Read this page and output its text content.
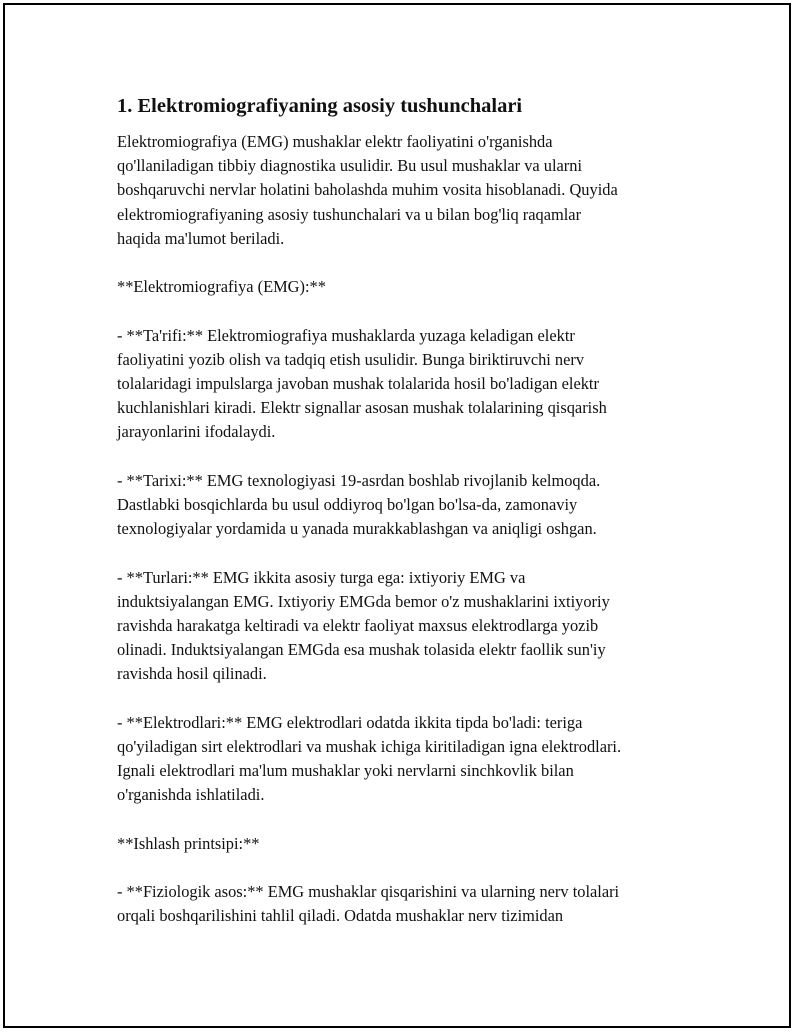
1. Elektromiografiyaning asosiy tushunchalari
Elektromiografiya (EMG) mushaklar elektr faoliyatini o'rganishda
qo'llaniladigan tibbiy diagnostika usulidir. Bu usul mushaklar va ularni
boshqaruvchi nervlar holatini baholashda muhim vosita hisoblanadi. Quyida
elektromiografiyaning asosiy tushunchalari va u bilan bog'liq raqamlar
haqida ma'lumot beriladi.
**Elektromiografiya (EMG):**
- **Ta'rifi:** Elektromiografiya mushaklarda yuzaga keladigan elektr
faoliyatini yozib olish va tadqiq etish usulidir. Bunga biriktiruvchi nerv
tolalaridagi impulslarga javoban mushak tolalarida hosil bo'ladigan elektr
kuchlanishlari kiradi. Elektr signallar asosan mushak tolalarining qisqarish
jarayonlarini ifodalaydi.
- **Tarixi:** EMG texnologiyasi 19-asrdan boshlab rivojlanib kelmoqda.
Dastlabki bosqichlarda bu usul oddiyroq bo'lgan bo'lsa-da, zamonaviy
texnologiyalar yordamida u yanada murakkablashgan va aniqligi oshgan.
- **Turlari:** EMG ikkita asosiy turga ega: ixtiyoriy EMG va
induktsiyalangan EMG. Ixtiyoriy EMGda bemor o'z mushaklarini ixtiyoriy
ravishda harakatga keltiradi va elektr faoliyat maxsus elektrodlarga yozib
olinadi. Induktsiyalangan EMGda esa mushak tolasida elektr faollik sun'iy
ravishda hosil qilinadi.
- **Elektrodlari:** EMG elektrodlari odatda ikkita tipda bo'ladi: teriga
qo'yiladigan sirt elektrodlari va mushak ichiga kiritiladigan igna elektrodlari.
Ignali elektrodlari ma'lum mushaklar yoki nervlarni sinchkovlik bilan
o'rganishda ishlatiladi.
**Ishlash printsipi:**
- **Fiziologik asos:** EMG mushaklar qisqarishini va ularning nerv tolalari
orqali boshqarilishini tahlil qiladi. Odatda mushaklar nerv tizimidan
